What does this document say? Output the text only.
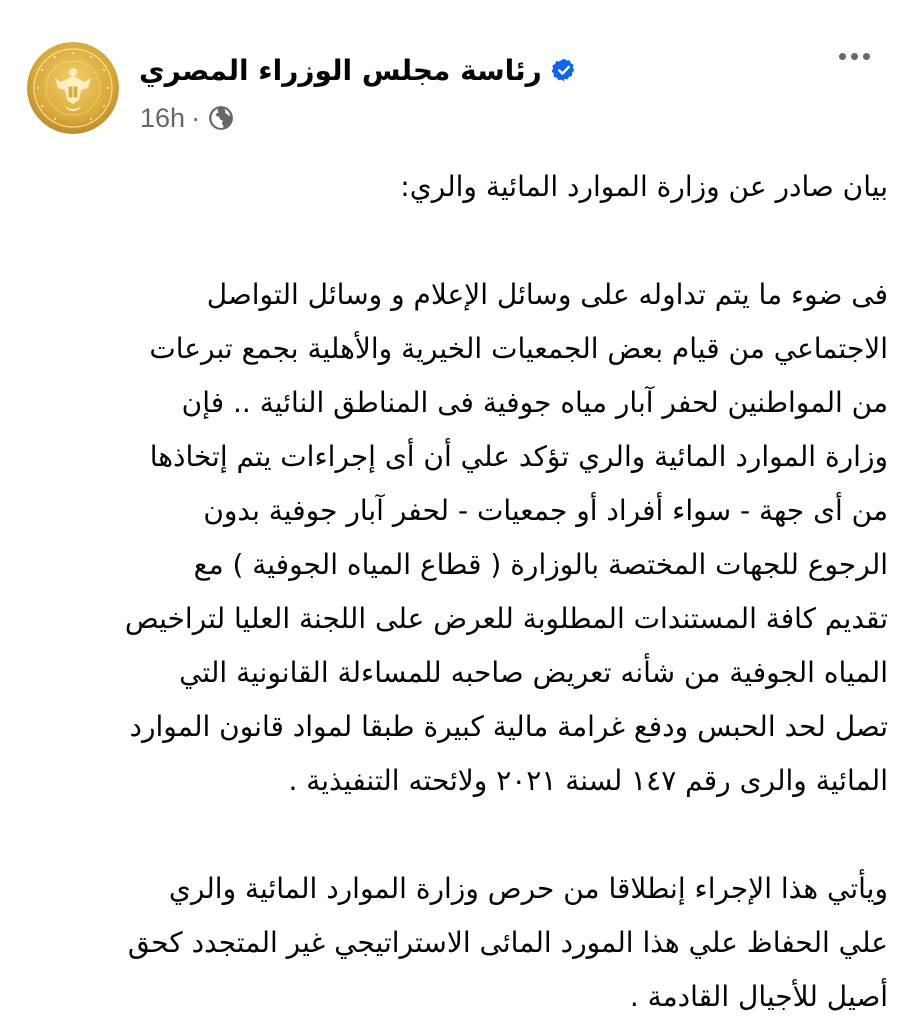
رئاسة مجلس الوزراء المصري
16h ·

بيان صادر عن وزارة الموارد المائية والري:

فى ضوء ما يتم تداوله على وسائل الإعلام و وسائل التواصل
الاجتماعي من قيام بعض الجمعيات الخيرية والأهلية بجمع تبرعات
من المواطنين لحفر آبار مياه جوفية فى المناطق النائية .. فإن
وزارة الموارد المائية والري تؤكد علي أن أى إجراءات يتم إتخاذها
من أى جهة - سواء أفراد أو جمعيات - لحفر آبار جوفية بدون
الرجوع للجهات المختصة بالوزارة ( قطاع المياه الجوفية ) مع
تقديم كافة المستندات المطلوبة للعرض على اللجنة العليا لتراخيص
المياه الجوفية من شأنه تعريض صاحبه للمساءلة القانونية التي
تصل لحد الحبس ودفع غرامة مالية كبيرة طبقا لمواد قانون الموارد
المائية والرى رقم ١٤٧ لسنة ٢٠٢١ ولائحته التنفيذية .

ويأتي هذا الإجراء إنطلاقا من حرص وزارة الموارد المائية والري
علي الحفاظ علي هذا المورد المائى الاستراتيجي غير المتجدد كحق
أصيل للأجيال القادمة .
